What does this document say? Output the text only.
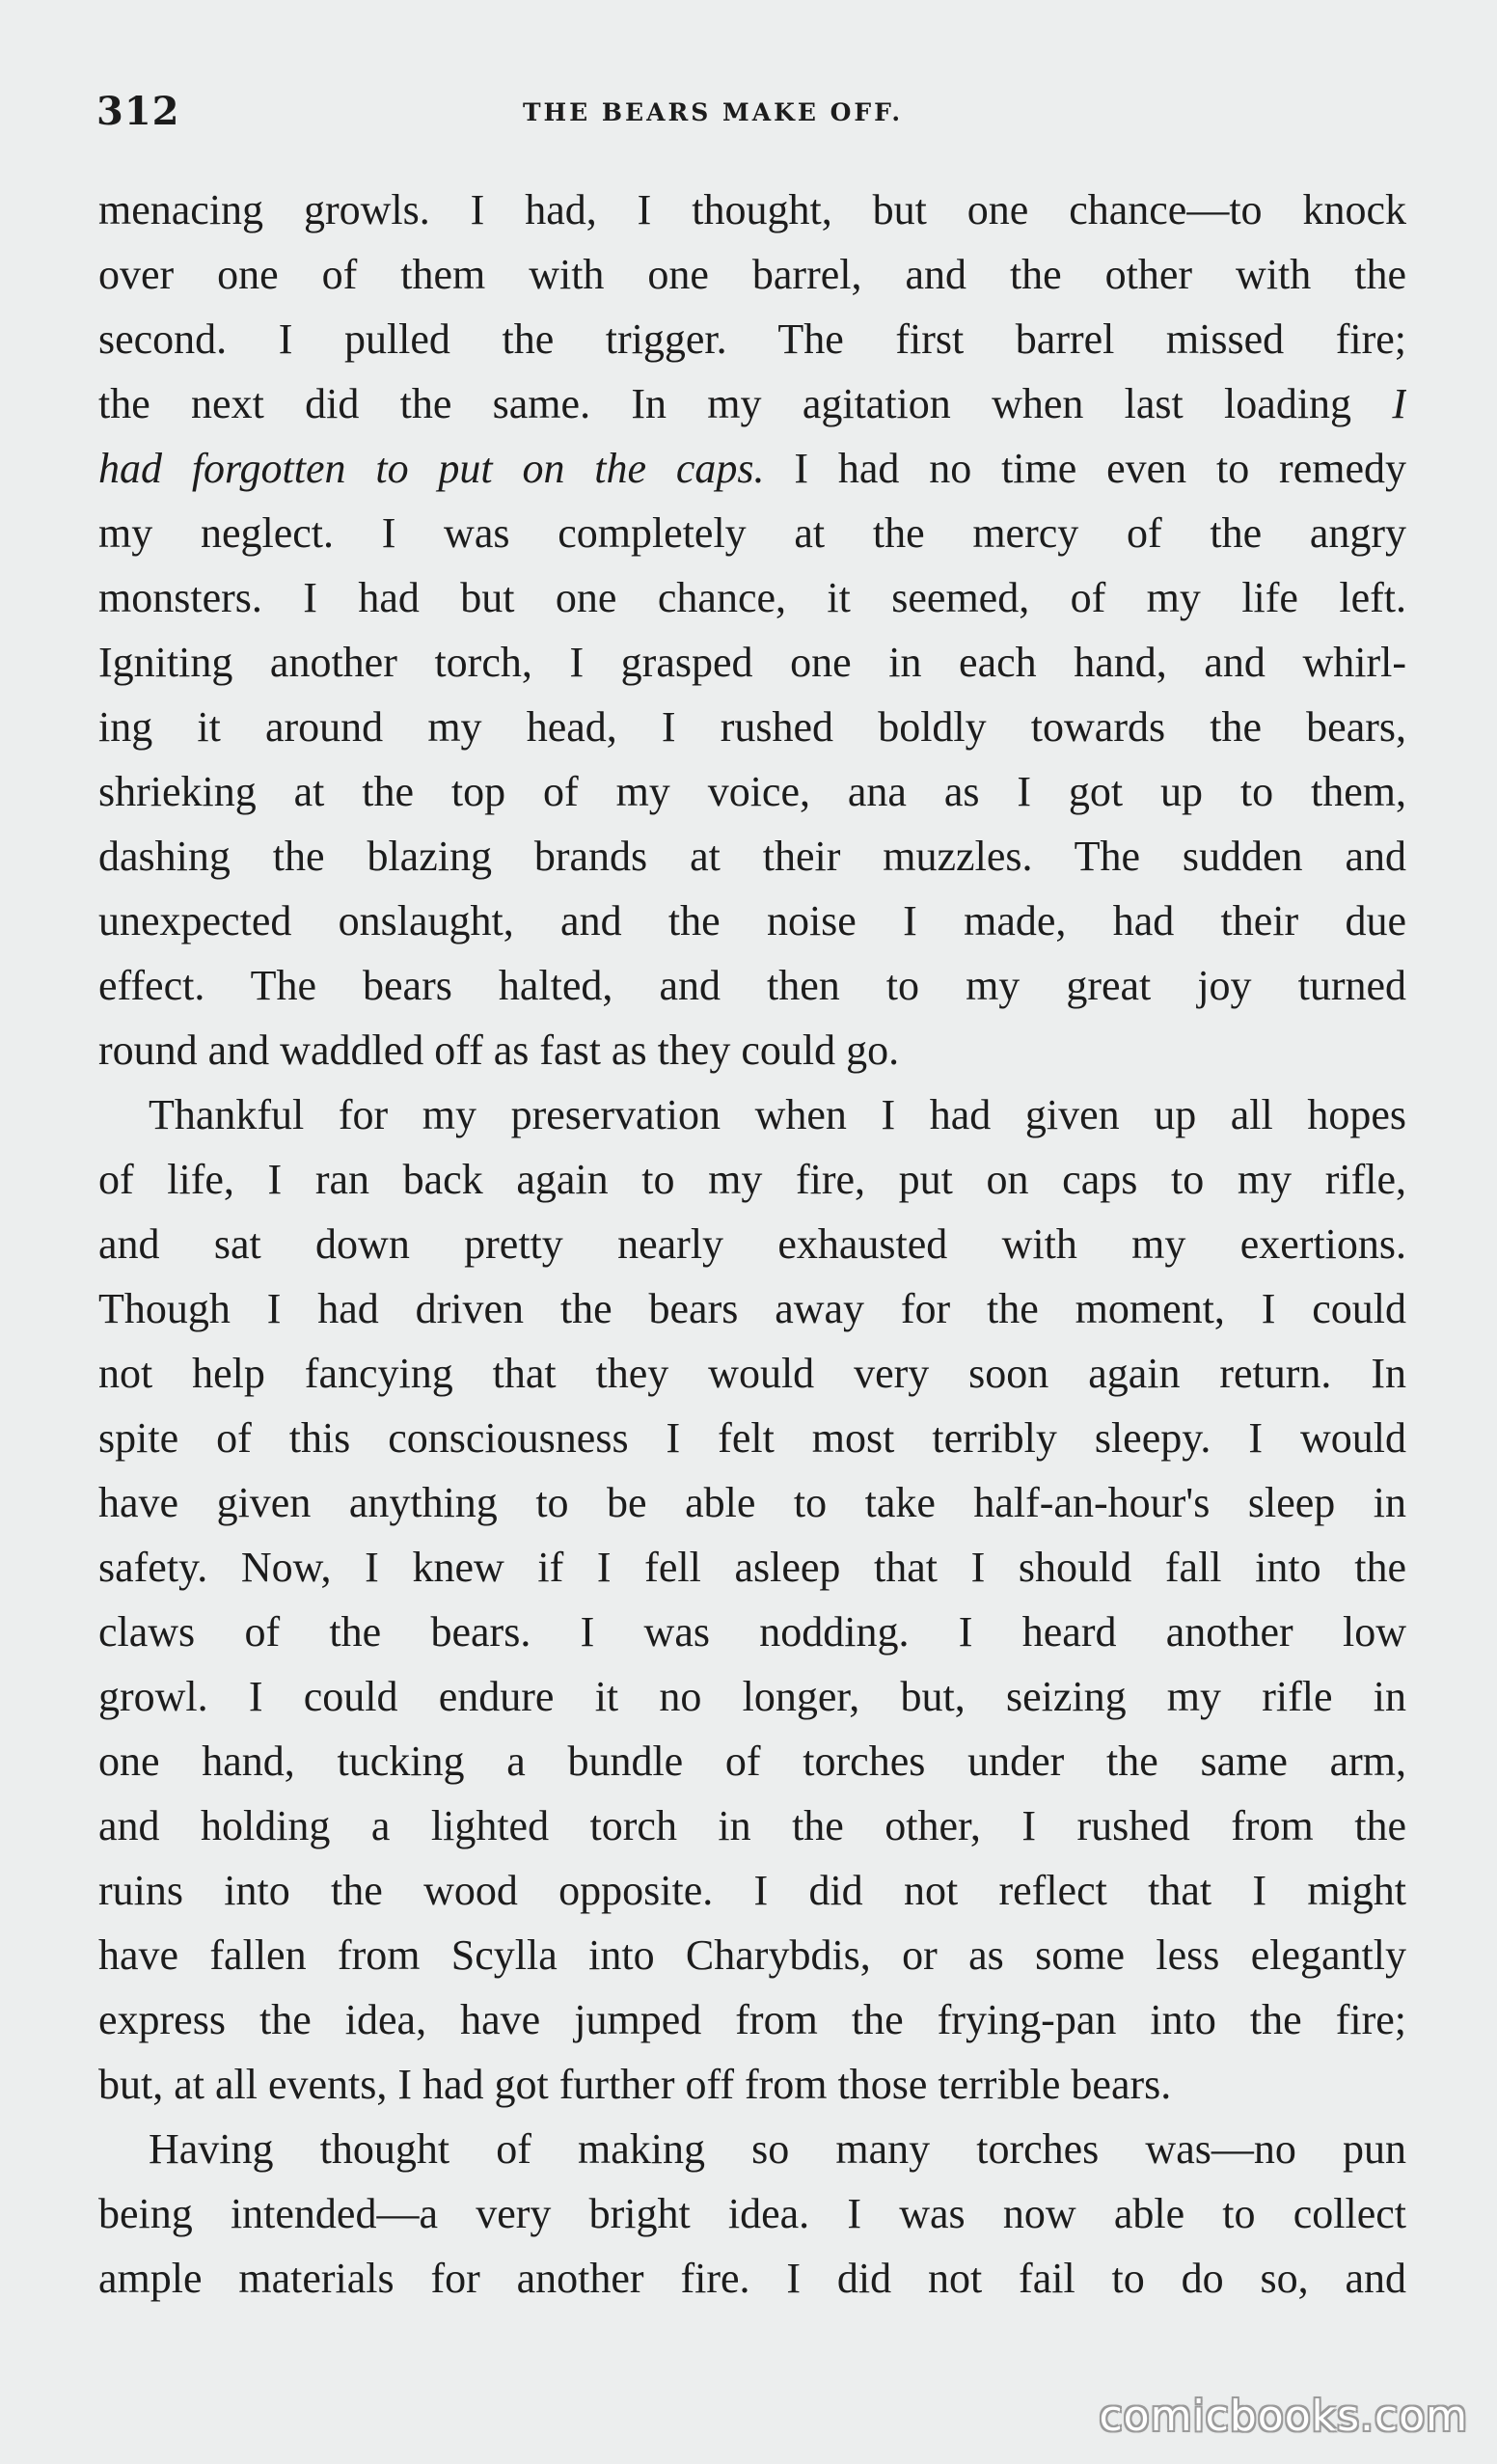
312	THE BEARS MAKE OFF.
menacing growls. I had, I thought, but one chance—to knock
over one of them with one barrel, and the other with the
second. I pulled the trigger. The first barrel missed fire;
the next did the same. In my agitation when last loading I
had forgotten to put on the caps. I had no time even to remedy
my neglect. I was completely at the mercy of the angry
monsters. I had but one chance, it seemed, of my life left.
Igniting another torch, I grasped one in each hand, and whirl-
ing it around my head, I rushed boldly towards the bears,
shrieking at the top of my voice, ana as I got up to them,
dashing the blazing brands at their muzzles. The sudden and
unexpected onslaught, and the noise I made, had their due
effect. The bears halted, and then to my great joy turned
round and waddled off as fast as they could go.
Thankful for my preservation when I had given up all hopes
of life, I ran back again to my fire, put on caps to my rifle,
and sat down pretty nearly exhausted with my exertions.
Though I had driven the bears away for the moment, I could
not help fancying that they would very soon again return. In
spite of this consciousness I felt most terribly sleepy. I would
have given anything to be able to take half-an-hour's sleep in
safety. Now, I knew if I fell asleep that I should fall into the
claws of the bears. I was nodding. I heard another low
growl. I could endure it no longer, but, seizing my rifle in
one hand, tucking a bundle of torches under the same arm,
and holding a lighted torch in the other, I rushed from the
ruins into the wood opposite. I did not reflect that I might
have fallen from Scylla into Charybdis, or as some less elegantly
express the idea, have jumped from the frying-pan into the fire;
but, at all events, I had got further off from those terrible bears.
Having thought of making so many torches was—no pun
being intended—a very bright idea. I was now able to collect
ample materials for another fire. I did not fail to do so, and
comicbooks.com
